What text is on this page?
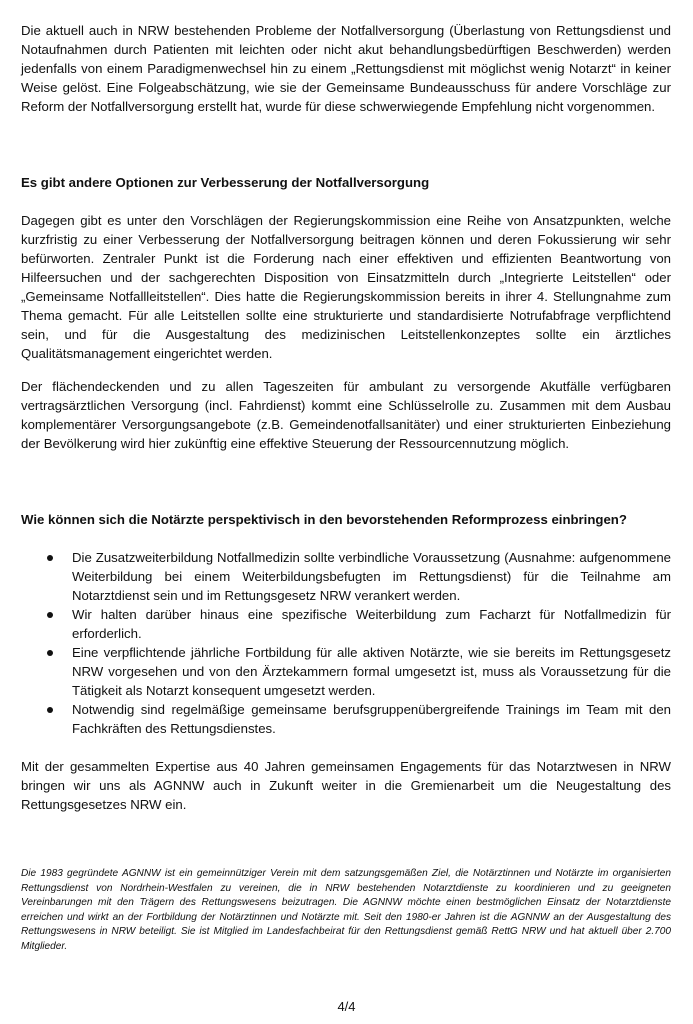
Die aktuell auch in NRW bestehenden Probleme der Notfallversorgung (Überlastung von Rettungsdienst und Notaufnahmen durch Patienten mit leichten oder nicht akut behandlungsbedürftigen Beschwerden) werden jedenfalls von einem Paradigmenwechsel hin zu einem „Rettungsdienst mit möglichst wenig Notarzt“ in keiner Weise gelöst. Eine Folgeabschätzung, wie sie der Gemeinsame Bundeausschuss für andere Vorschläge zur Reform der Notfallversorgung erstellt hat, wurde für diese schwerwiegende Empfehlung nicht vorgenommen.

Es gibt andere Optionen zur Verbesserung der Notfallversorgung

Dagegen gibt es unter den Vorschlägen der Regierungskommission eine Reihe von Ansatzpunkten, welche kurzfristig zu einer Verbesserung der Notfallversorgung beitragen können und deren Fokussierung wir sehr befürworten. Zentraler Punkt ist die Forderung nach einer effektiven und effizienten Beantwortung von Hilfeersuchen und der sachgerechten Disposition von Einsatzmitteln durch „Integrierte Leitstellen“ oder „Gemeinsame Notfallleitstellen“. Dies hatte die Regierungskommission bereits in ihrer 4. Stellungnahme zum Thema gemacht. Für alle Leitstellen sollte eine strukturierte und standardisierte Notrufabfrage verpflichtend sein, und für die Ausgestaltung des medizinischen Leitstellenkonzeptes sollte ein ärztliches Qualitätsmanagement eingerichtet werden.

Der flächendeckenden und zu allen Tageszeiten für ambulant zu versorgende Akutfälle verfügbaren vertragsärztlichen Versorgung (incl. Fahrdienst) kommt eine Schlüsselrolle zu. Zusammen mit dem Ausbau komplementärer Versorgungsangebote (z.B. Gemeindenotfallsanitäter) und einer strukturierten Einbeziehung der Bevölkerung wird hier zukünftig eine effektive Steuerung der Ressourcennutzung möglich.

Wie können sich die Notärzte perspektivisch in den bevorstehenden Reformprozess einbringen?
Die Zusatzweiterbildung Notfallmedizin sollte verbindliche Voraussetzung (Ausnahme: aufgenommene Weiterbildung bei einem Weiterbildungsbefugten im Rettungsdienst) für die Teilnahme am Notarztdienst sein und im Rettungsgesetz NRW verankert werden.
Wir halten darüber hinaus eine spezifische Weiterbildung zum Facharzt für Notfallmedizin für erforderlich.
Eine verpflichtende jährliche Fortbildung für alle aktiven Notärzte, wie sie bereits im Rettungsgesetz NRW vorgesehen und von den Ärztekammern formal umgesetzt ist, muss als Voraussetzung für die Tätigkeit als Notarzt konsequent umgesetzt werden.
Notwendig sind regelmäßige gemeinsame berufsgruppenübergreifende Trainings im Team mit den Fachkräften des Rettungsdienstes.

Mit der gesammelten Expertise aus 40 Jahren gemeinsamen Engagements für das Notarztwesen in NRW bringen wir uns als AGNNW auch in Zukunft weiter in die Gremienarbeit um die Neugestaltung des Rettungsgesetzes NRW ein.

Die 1983 gegründete AGNNW ist ein gemeinnütziger Verein mit dem satzungsgemäßen Ziel, die Notärztinnen und Notärzte im organisierten Rettungsdienst von Nordrhein-Westfalen zu vereinen, die in NRW bestehenden Notarztdienste zu koordinieren und zu geeigneten Vereinbarungen mit den Trägern des Rettungswesens beizutragen. Die AGNNW möchte einen bestmöglichen Einsatz der Notarztdienste erreichen und wirkt an der Fortbildung der Notärztinnen und Notärzte mit. Seit den 1980-er Jahren ist die AGNNW an der Ausgestaltung des Rettungswesens in NRW beteiligt. Sie ist Mitglied im Landesfachbeirat für den Rettungsdienst gemäß RettG NRW und hat aktuell über 2.700 Mitglieder.
4/4
